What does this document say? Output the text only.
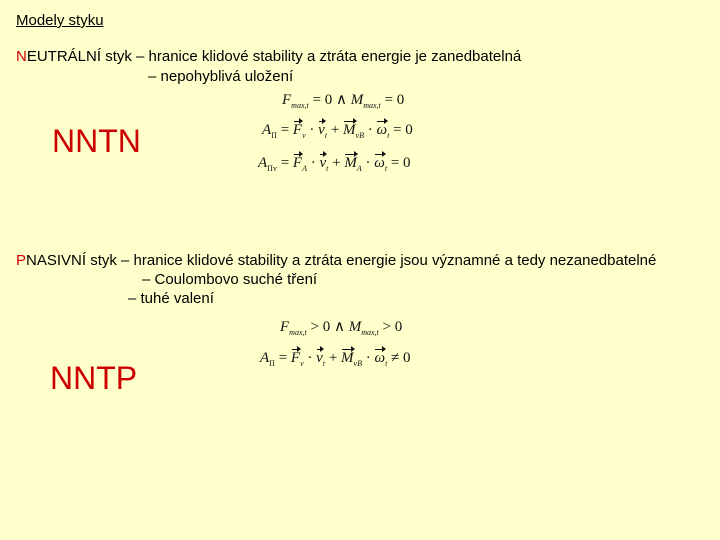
Modely styku
NEUTRÁLNÍ styk – hranice klidové stability a ztráta energie je zanedbatelná
– nepohyblivá uložení
NNTN
$F_{max,t} = 0$ ∧ $M_{max,t} = 0$
$A_\Pi = F_v \cdot v_t + M_{vB} \cdot \omega_t = 0$
$A_{\Pi v} = F_A \cdot v_t + M_A \cdot \omega_t = 0$
PNASIVNÍ styk – hranice klidové stability a ztráta energie jsou významné a tedy nezanedbatelné
– Coulombovo suché tření
– tuhé valení
NNTP
$F_{max,t} > 0$ ∧ $M_{max,t} > 0$
$A_\Pi = F_v \cdot v_t + M_{vB} \cdot \omega_t \ne 0$
